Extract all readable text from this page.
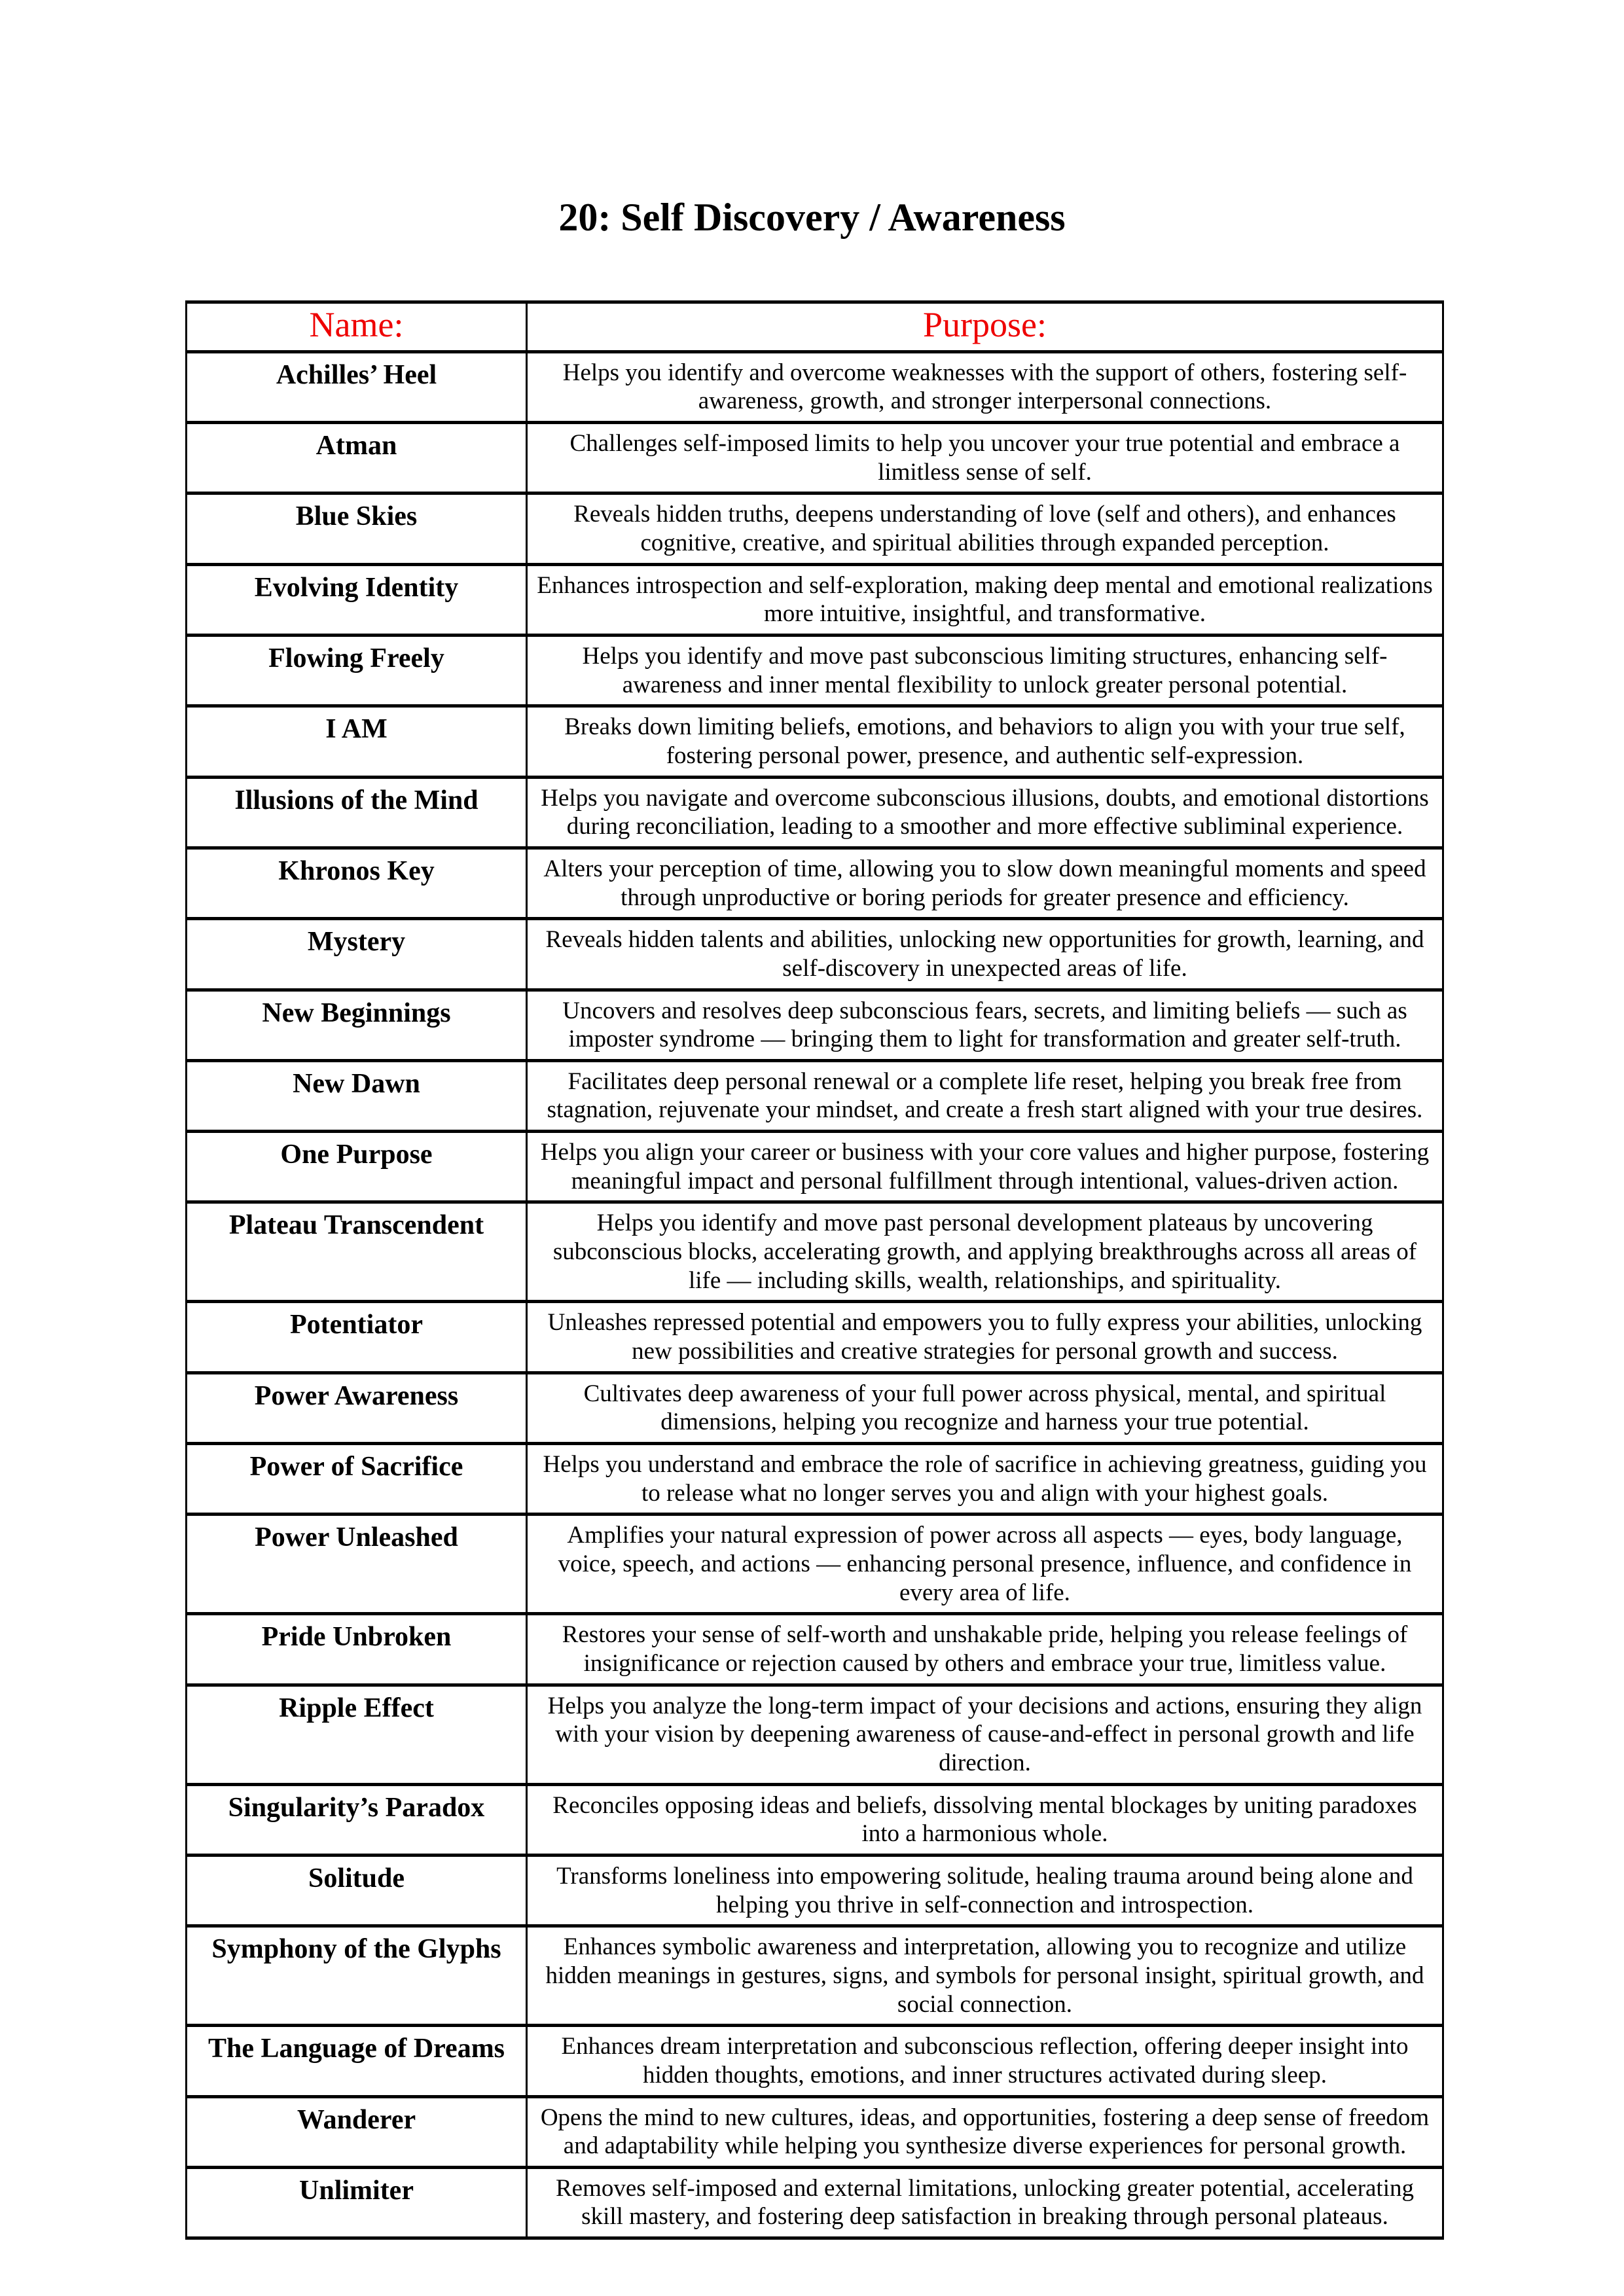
20: Self Discovery / Awareness
Name:	Purpose:
Achilles’ Heel	Helps you identify and overcome weaknesses with the support of others, fostering self-awareness, growth, and stronger interpersonal connections.
Atman	Challenges self-imposed limits to help you uncover your true potential and embrace a limitless sense of self.
Blue Skies	Reveals hidden truths, deepens understanding of love (self and others), and enhances cognitive, creative, and spiritual abilities through expanded perception.
Evolving Identity	Enhances introspection and self-exploration, making deep mental and emotional realizations more intuitive, insightful, and transformative.
Flowing Freely	Helps you identify and move past subconscious limiting structures, enhancing self-awareness and inner mental flexibility to unlock greater personal potential.
I AM	Breaks down limiting beliefs, emotions, and behaviors to align you with your true self, fostering personal power, presence, and authentic self-expression.
Illusions of the Mind	Helps you navigate and overcome subconscious illusions, doubts, and emotional distortions during reconciliation, leading to a smoother and more effective subliminal experience.
Khronos Key	Alters your perception of time, allowing you to slow down meaningful moments and speed through unproductive or boring periods for greater presence and efficiency.
Mystery	Reveals hidden talents and abilities, unlocking new opportunities for growth, learning, and self-discovery in unexpected areas of life.
New Beginnings	Uncovers and resolves deep subconscious fears, secrets, and limiting beliefs — such as imposter syndrome — bringing them to light for transformation and greater self-truth.
New Dawn	Facilitates deep personal renewal or a complete life reset, helping you break free from stagnation, rejuvenate your mindset, and create a fresh start aligned with your true desires.
One Purpose	Helps you align your career or business with your core values and higher purpose, fostering meaningful impact and personal fulfillment through intentional, values-driven action.
Plateau Transcendent	Helps you identify and move past personal development plateaus by uncovering subconscious blocks, accelerating growth, and applying breakthroughs across all areas of life — including skills, wealth, relationships, and spirituality.
Potentiator	Unleashes repressed potential and empowers you to fully express your abilities, unlocking new possibilities and creative strategies for personal growth and success.
Power Awareness	Cultivates deep awareness of your full power across physical, mental, and spiritual dimensions, helping you recognize and harness your true potential.
Power of Sacrifice	Helps you understand and embrace the role of sacrifice in achieving greatness, guiding you to release what no longer serves you and align with your highest goals.
Power Unleashed	Amplifies your natural expression of power across all aspects — eyes, body language, voice, speech, and actions — enhancing personal presence, influence, and confidence in every area of life.
Pride Unbroken	Restores your sense of self-worth and unshakable pride, helping you release feelings of insignificance or rejection caused by others and embrace your true, limitless value.
Ripple Effect	Helps you analyze the long-term impact of your decisions and actions, ensuring they align with your vision by deepening awareness of cause-and-effect in personal growth and life direction.
Singularity’s Paradox	Reconciles opposing ideas and beliefs, dissolving mental blockages by uniting paradoxes into a harmonious whole.
Solitude	Transforms loneliness into empowering solitude, healing trauma around being alone and helping you thrive in self-connection and introspection.
Symphony of the Glyphs	Enhances symbolic awareness and interpretation, allowing you to recognize and utilize hidden meanings in gestures, signs, and symbols for personal insight, spiritual growth, and social connection.
The Language of Dreams	Enhances dream interpretation and subconscious reflection, offering deeper insight into hidden thoughts, emotions, and inner structures activated during sleep.
Wanderer	Opens the mind to new cultures, ideas, and opportunities, fostering a deep sense of freedom and adaptability while helping you synthesize diverse experiences for personal growth.
Unlimiter	Removes self-imposed and external limitations, unlocking greater potential, accelerating skill mastery, and fostering deep satisfaction in breaking through personal plateaus.
